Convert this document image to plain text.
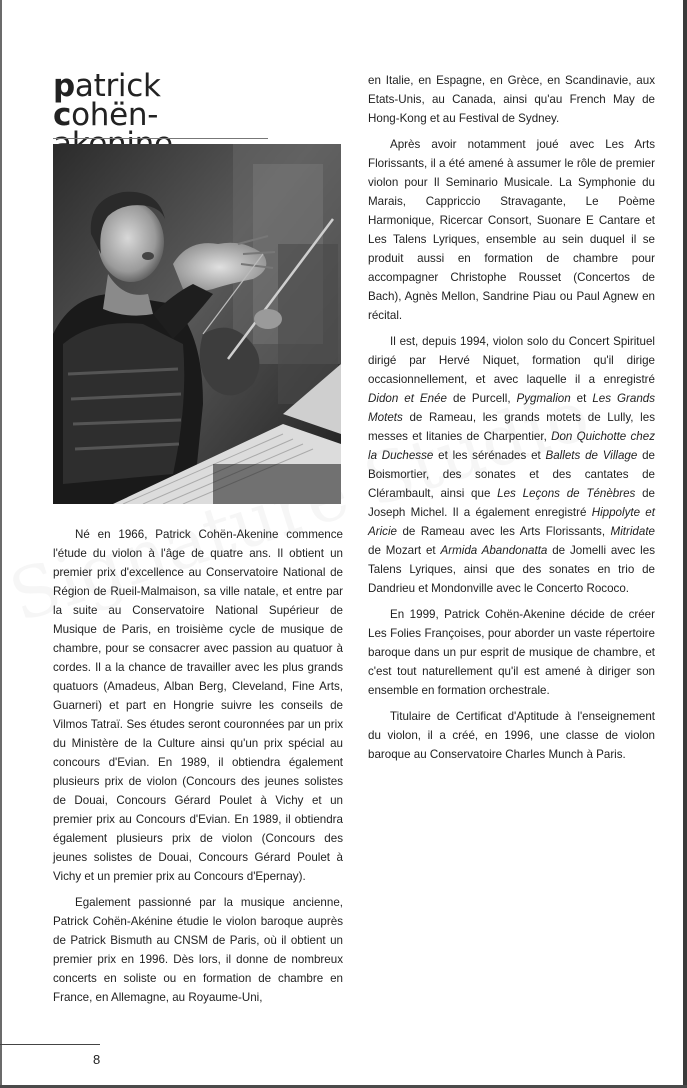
patrick
cohën-

Né en 1966, Patrick Cohën-Akenine commence l'étude du violon à l'âge de quatre ans. Il obtient un premier prix d'excellence au Conservatoire National de Région de Rueil-Malmaison, sa ville natale, et entre par la suite au Conservatoire National Supérieur de Musique de Paris, en troisième cycle de musique de chambre, pour se consacrer avec passion au quatuor à cordes. Il a la chance de travailler avec les plus grands quatuors (Amadeus, Alban Berg, Cleveland, Fine Arts, Guarneri) et part en Hongrie suivre les conseils de Vilmos Tatraï. Ses études seront couronnées par un prix du Ministère de la Culture ainsi qu'un prix spécial au concours d'Evian. En 1989, il obtiendra également plusieurs prix de violon (Concours des jeunes solistes de Douai, Concours Gérard Poulet à Vichy et un premier prix au Concours d'Evian. En 1989, il obtiendra également plusieurs prix de violon (Concours des jeunes solistes de Douai, Concours Gérard Poulet à Vichy et un premier prix au Concours d'Epernay).

Egalement passionné par la musique ancienne, Patrick Cohën-Akénine étudie le violon baroque auprès de Patrick Bismuth au CNSM de Paris, où il obtient un premier prix en 1996. Dès lors, il donne de nombreux concerts en soliste ou en formation de chambre en France, en Allemagne, au Royaume-Uni,

en Italie, en Espagne, en Grèce, en Scandinavie, aux Etats-Unis, au Canada, ainsi qu'au French May de Hong-Kong et au Festival de Sydney.

Après avoir notamment joué avec Les Arts Florissants, il a été amené à assumer le rôle de premier violon pour Il Seminario Musicale. La Symphonie du Marais, Cappriccio Stravagante, Le Poème Harmonique, Ricercar Consort, Suonare E Cantare et Les Talens Lyriques, ensemble au sein duquel il se produit aussi en formation de chambre pour accompagner Christophe Rousset (Concertos de Bach), Agnès Mellon, Sandrine Piau ou Paul Agnew en récital.

Il est, depuis 1994, violon solo du Concert Spirituel dirigé par Hervé Niquet, formation qu'il dirige occasionnellement, et avec laquelle il a enregistré Didon et Enée de Purcell, Pygmalion et Les Grands Motets de Rameau, les grands motets de Lully, les messes et litanies de Charpentier, Don Quichotte chez la Duchesse et les sérénades et Ballets de Village de Boismortier, des sonates et des cantates de Clérambault, ainsi que Les Leçons de Ténèbres de Joseph Michel. Il a également enregistré Hippolyte et Aricie de Rameau avec les Arts Florissants, Mitridate de Mozart et Armida Abandonatta de Jomelli avec les Talens Lyriques, ainsi que des sonates en trio de Dandrieu et Mondonville avec le Concerto Rococo.

En 1999, Patrick Cohën-Akenine décide de créer Les Folies Françoises, pour aborder un vaste répertoire baroque dans un pur esprit de musique de chambre, et c'est tout naturellement qu'il est amené à diriger son ensemble en formation orchestrale.

Titulaire de Certificat d'Aptitude à l'enseignement du violon, il a créé, en 1996, une classe de violon baroque au Conservatoire Charles Munch à Paris.

8
